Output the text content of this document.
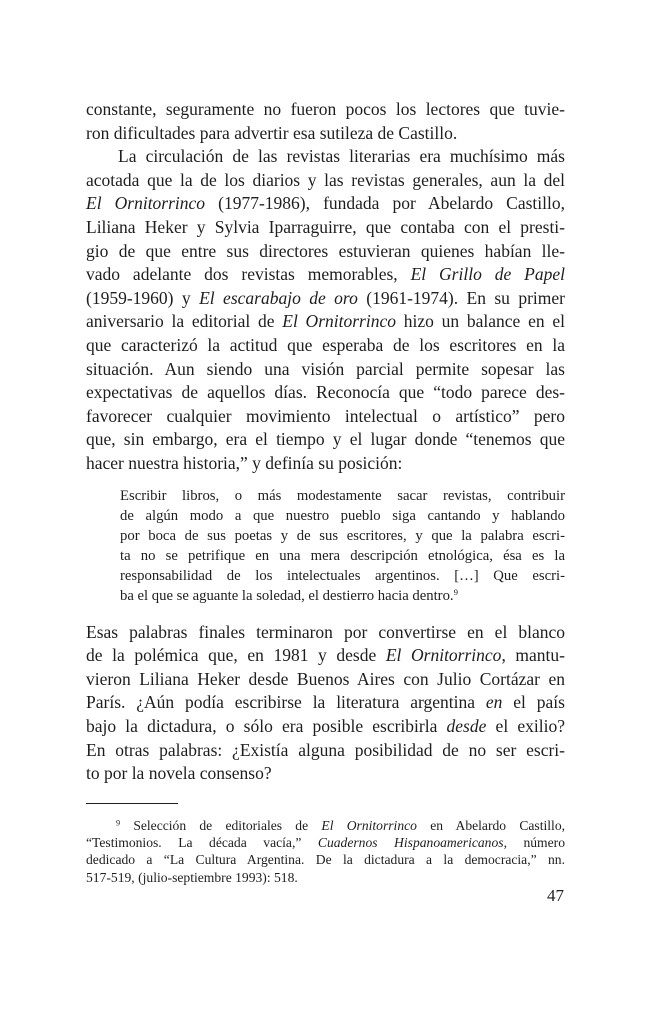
constante, seguramente no fueron pocos los lectores que tuvie-
ron dificultades para advertir esa sutileza de Castillo.
La circulación de las revistas literarias era muchísimo más
acotada que la de los diarios y las revistas generales, aun la del
El Ornitorrinco (1977-1986), fundada por Abelardo Castillo,
Liliana Heker y Sylvia Iparraguirre, que contaba con el presti-
gio de que entre sus directores estuvieran quienes habían lle-
vado adelante dos revistas memorables, El Grillo de Papel
(1959-1960) y El escarabajo de oro (1961-1974). En su primer
aniversario la editorial de El Ornitorrinco hizo un balance en el
que caracterizó la actitud que esperaba de los escritores en la
situación. Aun siendo una visión parcial permite sopesar las
expectativas de aquellos días. Reconocía que “todo parece des-
favorecer cualquier movimiento intelectual o artístico” pero
que, sin embargo, era el tiempo y el lugar donde “tenemos que
hacer nuestra historia,” y definía su posición:
Escribir libros, o más modestamente sacar revistas, contribuir
de algún modo a que nuestro pueblo siga cantando y hablando
por boca de sus poetas y de sus escritores, y que la palabra escri-
ta no se petrifique en una mera descripción etnológica, ésa es la
responsabilidad de los intelectuales argentinos. […] Que escri-
ba el que se aguante la soledad, el destierro hacia dentro.$^9$
Esas palabras finales terminaron por convertirse en el blanco
de la polémica que, en 1981 y desde El Ornitorrinco, mantu-
vieron Liliana Heker desde Buenos Aires con Julio Cortázar en
París. ¿Aún podía escribirse la literatura argentina en el país
bajo la dictadura, o sólo era posible escribirla desde el exilio?
En otras palabras: ¿Existía alguna posibilidad de no ser escri-
to por la novela consenso?
$^9$ Selección de editoriales de El Ornitorrinco en Abelardo Castillo,
“Testimonios. La década vacía,” Cuadernos Hispanoamericanos, número
dedicado a “La Cultura Argentina. De la dictadura a la democracia,” nn.
517-519, (julio-septiembre 1993): 518.
47
